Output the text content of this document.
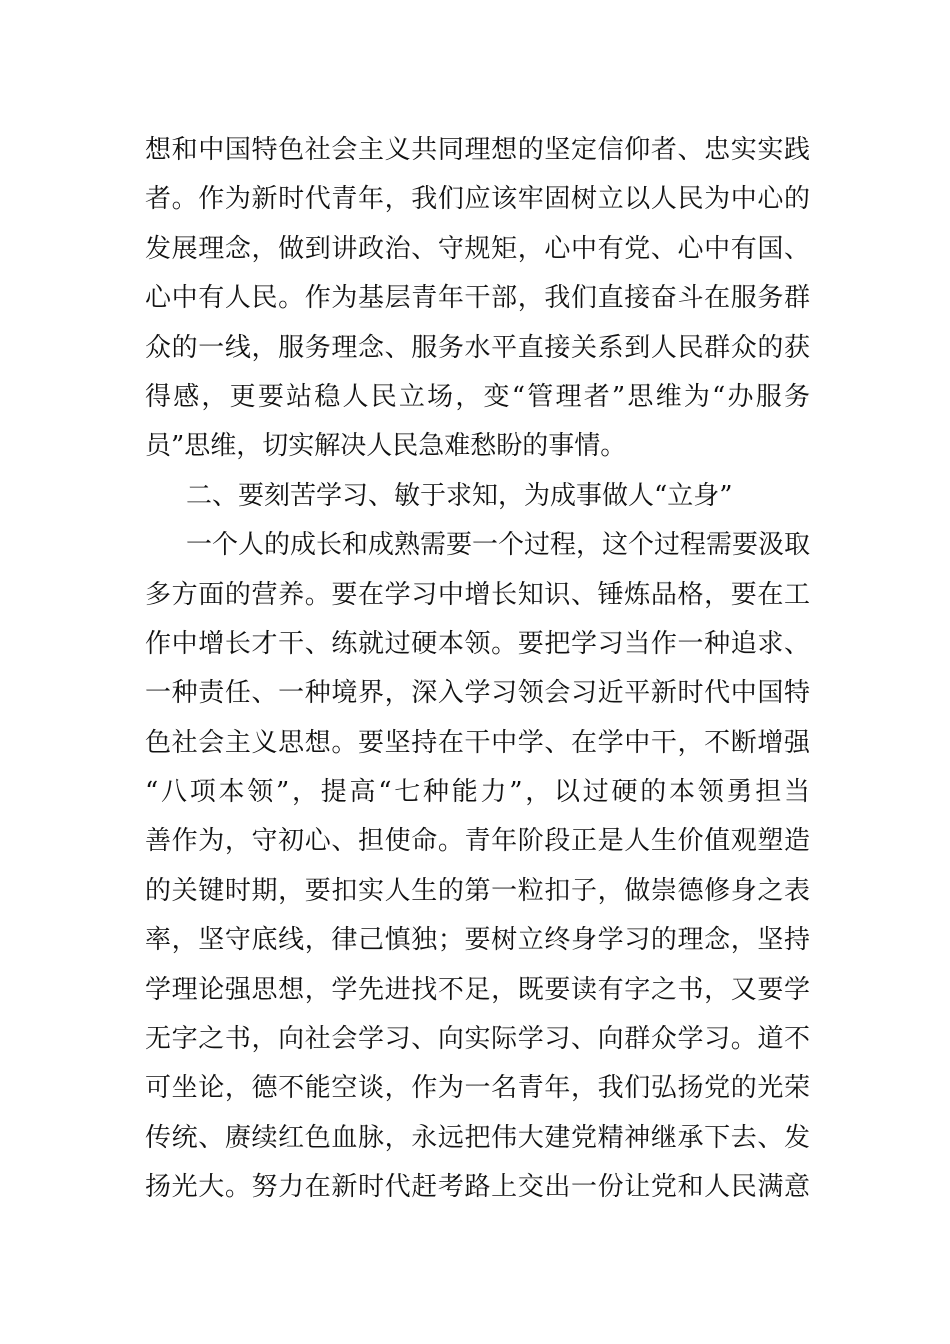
想和中国特色社会主义共同理想的坚定信仰者、忠实实践
者。作为新时代青年，我们应该牢固树立以人民为中心的
发展理念，做到讲政治、守规矩，心中有党、心中有国、
心中有人民。作为基层青年干部，我们直接奋斗在服务群
众的一线，服务理念、服务水平直接关系到人民群众的获
得感，更要站稳人民立场，变“管理者”思维为“办服务
员”思维，切实解决人民急难愁盼的事情。
二、要刻苦学习、敏于求知，为成事做人“立身”
一个人的成长和成熟需要一个过程，这个过程需要汲取
多方面的营养。要在学习中增长知识、锤炼品格，要在工
作中增长才干、练就过硬本领。要把学习当作一种追求、
一种责任、一种境界，深入学习领会习近平新时代中国特
色社会主义思想。要坚持在干中学、在学中干，不断增强
“八项本领”，提高“七种能力”，以过硬的本领勇担当
善作为，守初心、担使命。青年阶段正是人生价值观塑造
的关键时期，要扣实人生的第一粒扣子，做崇德修身之表
率，坚守底线，律己慎独；要树立终身学习的理念，坚持
学理论强思想，学先进找不足，既要读有字之书，又要学
无字之书，向社会学习、向实际学习、向群众学习。道不
可坐论，德不能空谈，作为一名青年，我们弘扬党的光荣
传统、赓续红色血脉，永远把伟大建党精神继承下去、发
扬光大。努力在新时代赶考路上交出一份让党和人民满意
